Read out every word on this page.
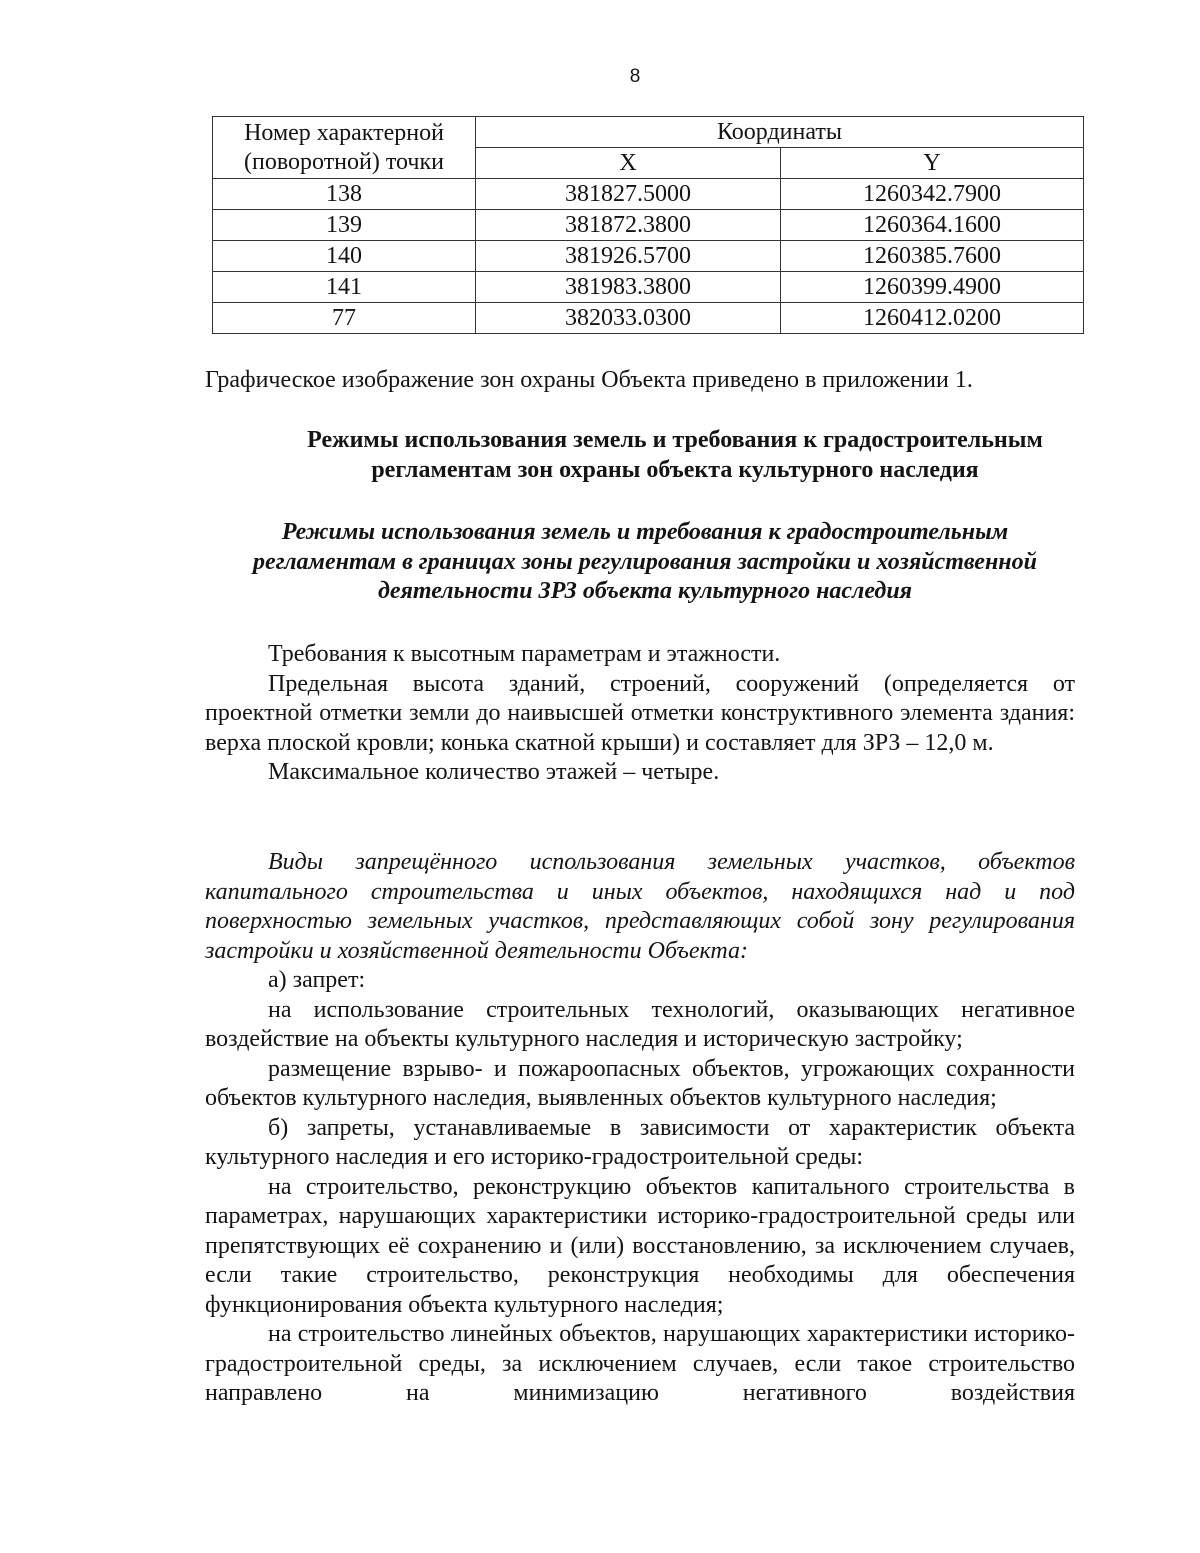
8
Номер характерной (поворотной) точки	Координаты	
	X	Y
138	381827.5000	1260342.7900
139	381872.3800	1260364.1600
140	381926.5700	1260385.7600
141	381983.3800	1260399.4900
77	382033.0300	1260412.0200
Графическое изображение зон охраны Объекта приведено в приложении 1.
Режимы использования земель и требования к градостроительным регламентам зон охраны объекта культурного наследия
Режимы использования земель и требования к градостроительным регламентам в границах зоны регулирования застройки и хозяйственной деятельности ЗРЗ объекта культурного наследия

Требования к высотным параметрам и этажности.

Предельная высота зданий, строений, сооружений (определяется от проектной отметки земли до наивысшей отметки конструктивного элемента здания: верха плоской кровли; конька скатной крыши) и составляет для ЗРЗ – 12,0 м.

Максимальное количество этажей – четыре.

Виды запрещённого использования земельных участков, объектов капитального строительства и иных объектов, находящихся над и под поверхностью земельных участков, представляющих собой зону регулирования застройки и хозяйственной деятельности Объекта:

а) запрет:

на использование строительных технологий, оказывающих негативное воздействие на объекты культурного наследия и историческую застройку;

размещение взрыво- и пожароопасных объектов, угрожающих сохранности объектов культурного наследия, выявленных объектов культурного наследия;

б) запреты, устанавливаемые в зависимости от характеристик объекта культурного наследия и его историко-градостроительной среды:

на строительство, реконструкцию объектов капитального строительства в параметрах, нарушающих характеристики историко-градостроительной среды или препятствующих её сохранению и (или) восстановлению, за исключением случаев, если такие строительство, реконструкция необходимы для обеспечения функционирования объекта культурного наследия;

на строительство линейных объектов, нарушающих характеристики историко-градостроительной среды, за исключением случаев, если такое строительство направлено на минимизацию негативного воздействия
